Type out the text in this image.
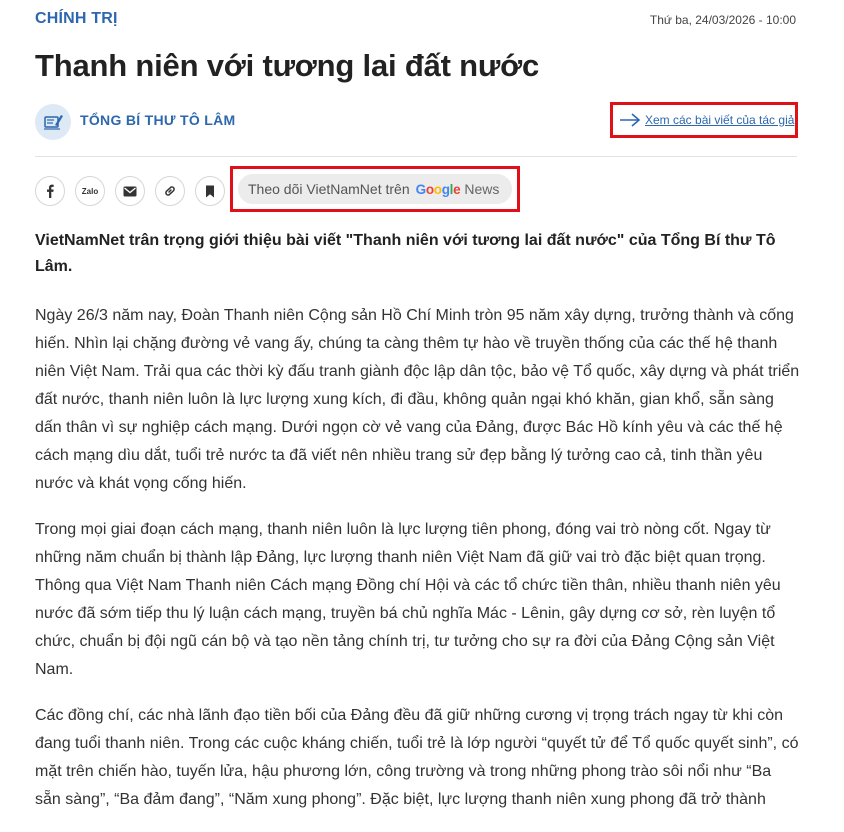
CHÍNH TRỊ	Thứ ba, 24/03/2026 - 10:00
Thanh niên với tương lai đất nước
TỔNG BÍ THƯ TÔ LÂM	Xem các bài viết của tác giả
Zalo	Theo dõi VietNamNet trên Google News

VietNamNet trân trọng giới thiệu bài viết "Thanh niên với tương lai đất nước" của Tổng Bí thư Tô Lâm.

Ngày 26/3 năm nay, Đoàn Thanh niên Cộng sản Hồ Chí Minh tròn 95 năm xây dựng, trưởng thành và cống hiến. Nhìn lại chặng đường vẻ vang ấy, chúng ta càng thêm tự hào về truyền thống của các thế hệ thanh niên Việt Nam. Trải qua các thời kỳ đấu tranh giành độc lập dân tộc, bảo vệ Tổ quốc, xây dựng và phát triển đất nước, thanh niên luôn là lực lượng xung kích, đi đầu, không quản ngại khó khăn, gian khổ, sẵn sàng dấn thân vì sự nghiệp cách mạng. Dưới ngọn cờ vẻ vang của Đảng, được Bác Hồ kính yêu và các thế hệ cách mạng dìu dắt, tuổi trẻ nước ta đã viết nên nhiều trang sử đẹp bằng lý tưởng cao cả, tinh thần yêu nước và khát vọng cống hiến.

Trong mọi giai đoạn cách mạng, thanh niên luôn là lực lượng tiên phong, đóng vai trò nòng cốt. Ngay từ những năm chuẩn bị thành lập Đảng, lực lượng thanh niên Việt Nam đã giữ vai trò đặc biệt quan trọng. Thông qua Việt Nam Thanh niên Cách mạng Đồng chí Hội và các tổ chức tiền thân, nhiều thanh niên yêu nước đã sớm tiếp thu lý luận cách mạng, truyền bá chủ nghĩa Mác - Lênin, gây dựng cơ sở, rèn luyện tổ chức, chuẩn bị đội ngũ cán bộ và tạo nền tảng chính trị, tư tưởng cho sự ra đời của Đảng Cộng sản Việt Nam.

Các đồng chí, các nhà lãnh đạo tiền bối của Đảng đều đã giữ những cương vị trọng trách ngay từ khi còn đang tuổi thanh niên. Trong các cuộc kháng chiến, tuổi trẻ là lớp người “quyết tử để Tổ quốc quyết sinh”, có mặt trên chiến hào, tuyến lửa, hậu phương lớn, công trường và trong những phong trào sôi nổi như “Ba sẵn sàng”, “Ba đảm đang”, “Năm xung phong”. Đặc biệt, lực lượng thanh niên xung phong đã trở thành
